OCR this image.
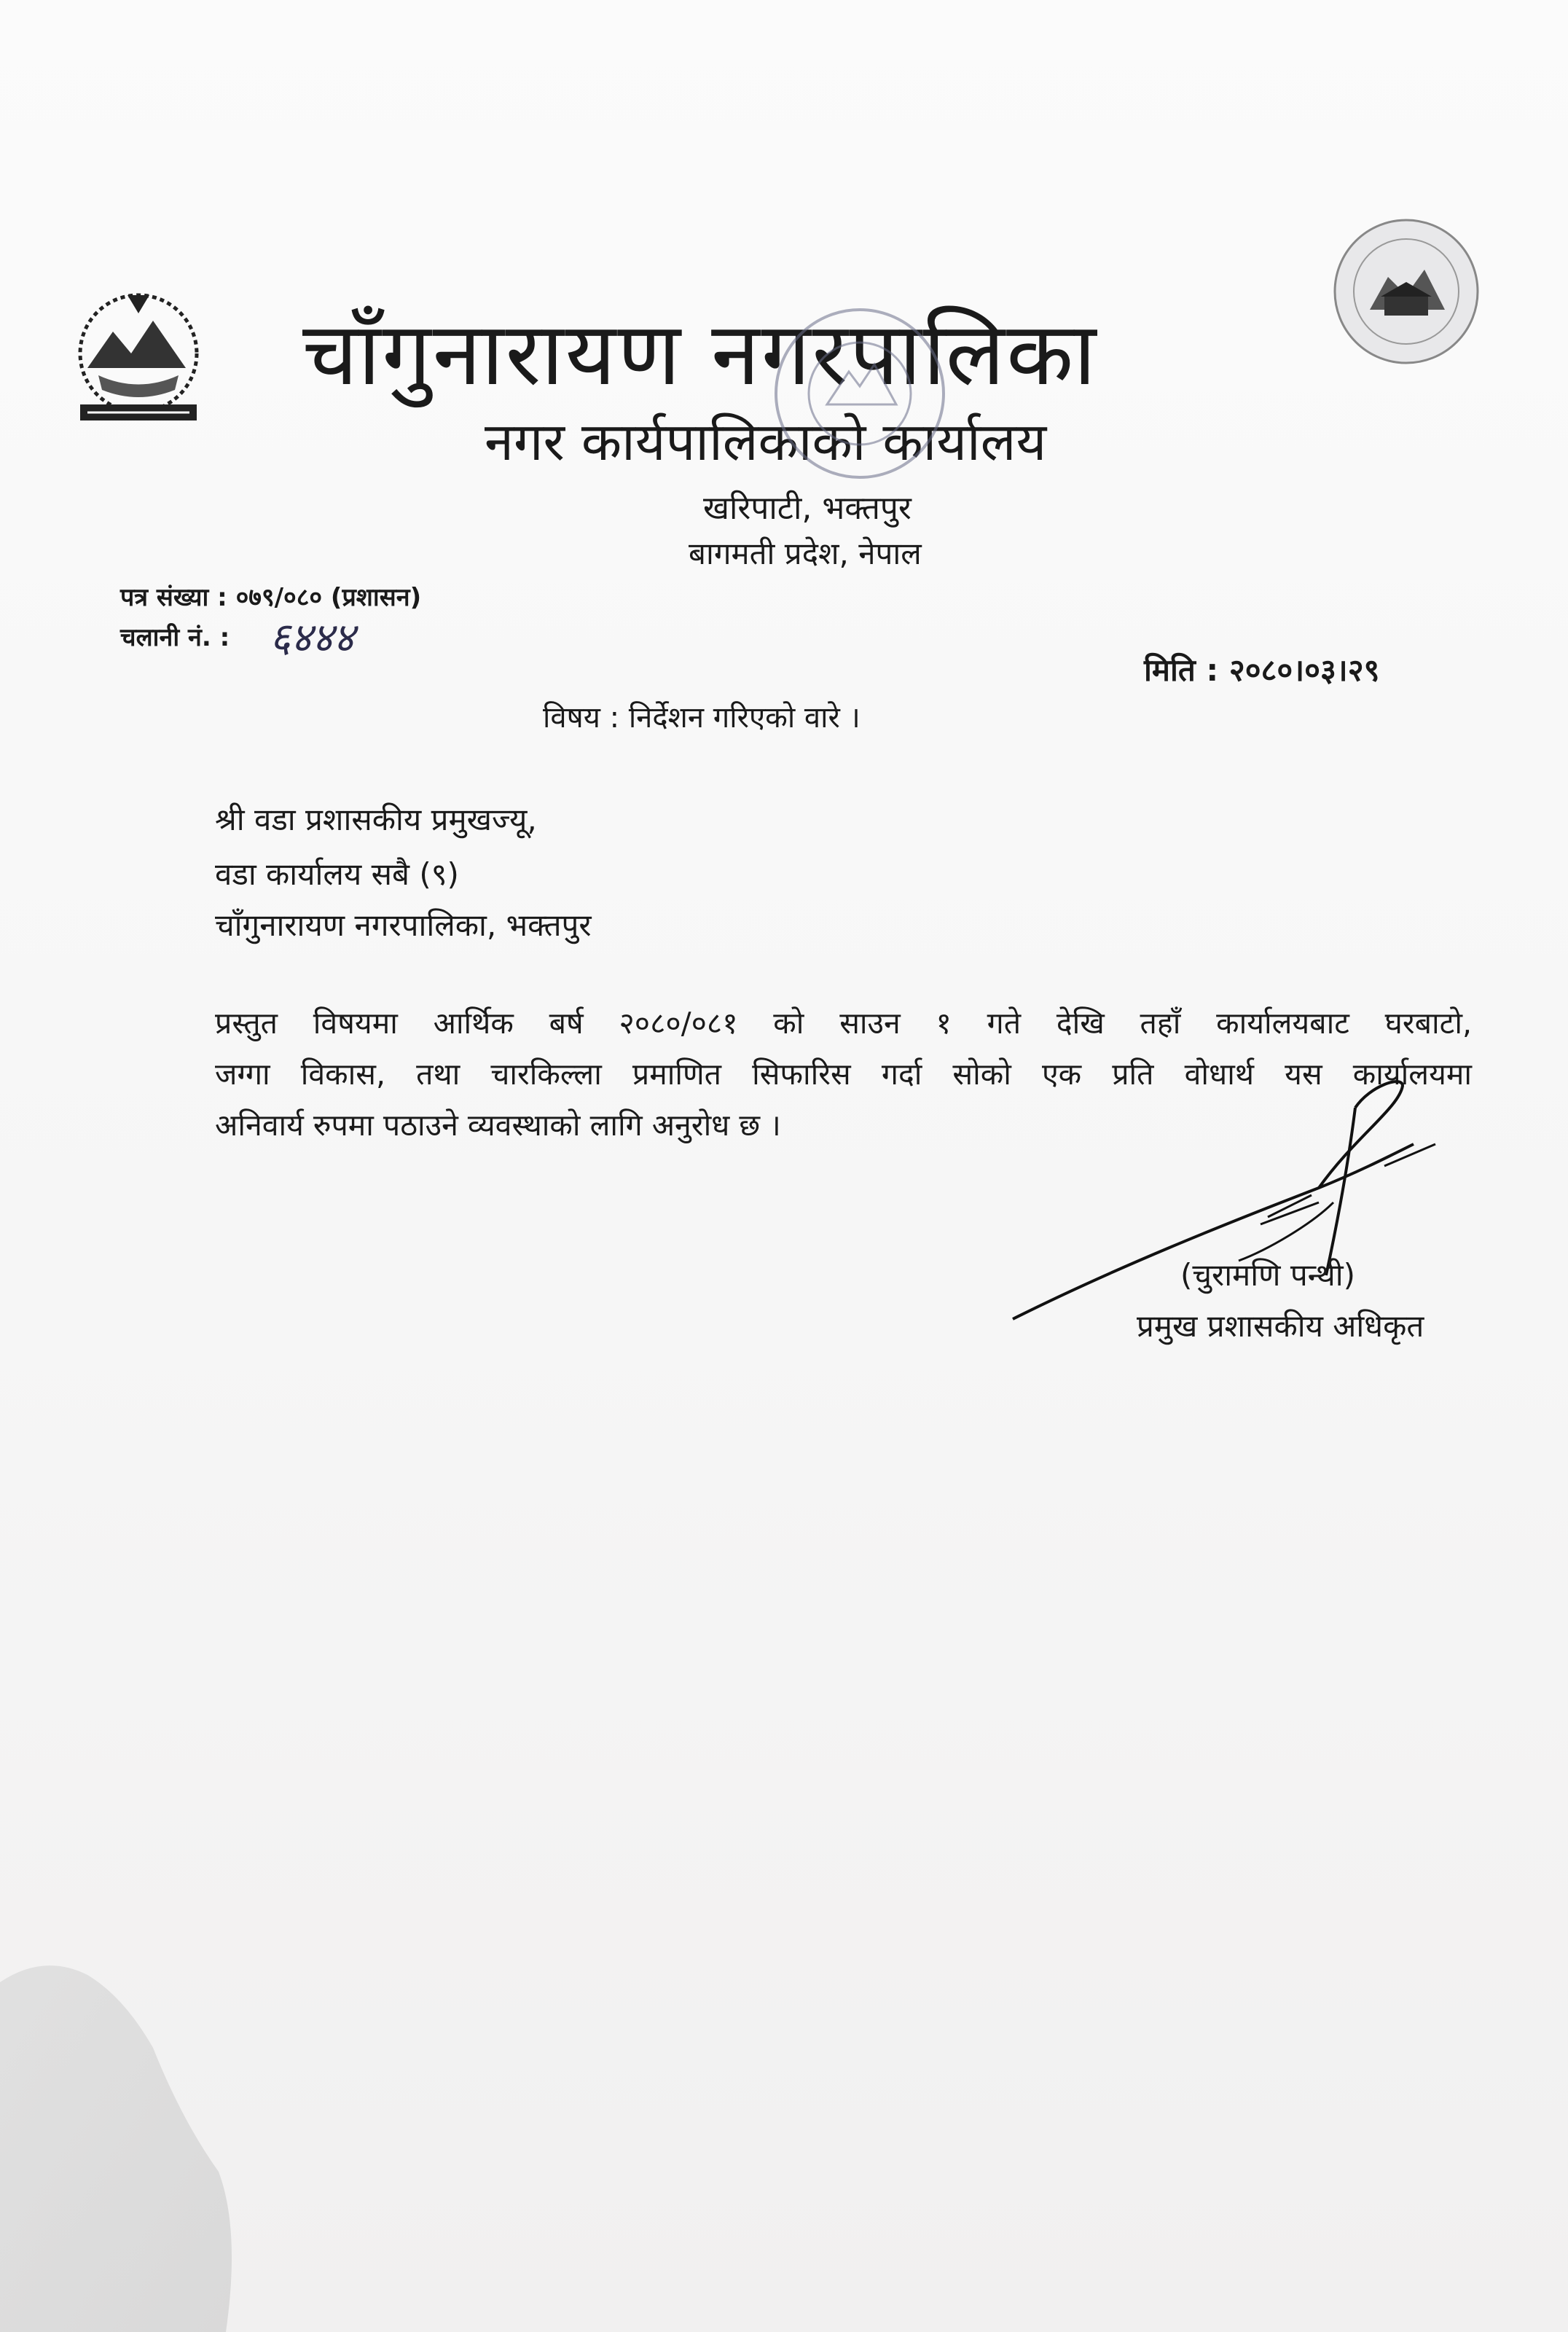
चाँगुनारायण नगरपालिका
नगर कार्यपालिकाको कार्यालय
खरिपाटी, भक्तपुर
बागमती प्रदेश, नेपाल
पत्र संख्या : ०७९/०८० (प्रशासन)
चलानी नं. : ६४४४
मिति : २०८०।०३।२९
विषय : निर्देशन गरिएको वारे ।
श्री वडा प्रशासकीय प्रमुखज्यू,
वडा कार्यालय सबै (९)
चाँगुनारायण नगरपालिका, भक्तपुर
प्रस्तुत विषयमा आर्थिक बर्ष २०८०/०८१ को साउन १ गते देखि तहाँ कार्यालयबाट घरबाटो,
जग्गा विकास, तथा चारकिल्ला प्रमाणित सिफारिस गर्दा सोको एक प्रति वोधार्थ यस कार्यालयमा
अनिवार्य रुपमा पठाउने व्यवस्थाको लागि अनुरोध छ ।
(चुरामणि पन्थी)
प्रमुख प्रशासकीय अधिकृत
